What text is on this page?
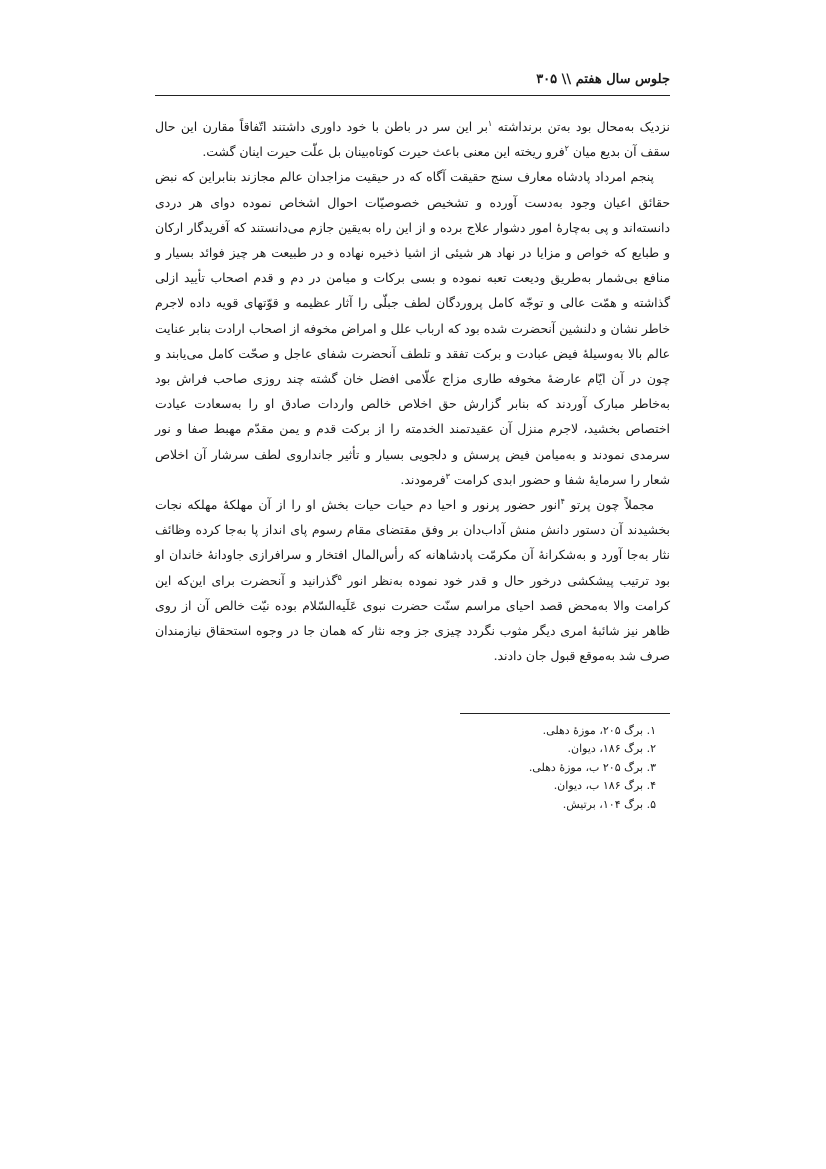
جلوس سال هفتم \\ ۳۰۵

نزدیک به‌محال بود به‌تن برنداشته $^۱$بر این سر در باطن با خود داوری داشتند اتّفاقاً مقارن این حال سقف آن بدیع میان $^۲$فرو ریخته این معنی باعث حیرت کوتاه‌بینان بل علّت حیرت اینان گشت.

پنجم امرداد پادشاه معارف سنج حقیقت آگاه که در حیقیت مزاجدان عالم مجازند بنابراین که نبض حقائق اعیان وجود به‌دست آورده و تشخیص خصوصیّات احوال اشخاص نموده دوای هر دردی دانسته‌اند و پی به‌چارهٔ امور دشوار علاج برده و از این راه به‌یقین جازم می‌دانستند که آفریدگار ارکان و طبایع که خواص و مزایا در نهاد هر شیئی از اشیا ذخیره نهاده و در طبیعت هر چیز فوائد بسیار و منافع بی‌شمار به‌طریق ودیعت تعبه نموده و بسی برکات و میامن در دم و قدم اصحاب تأیید ازلی گذاشته و همّت عالی و توجّه کامل پروردگان لطف جبلّی را آثار عظیمه و قوّتهای قویه داده لاجرم خاطر نشان و دلنشین آنحضرت شده بود که ارباب علل و امراض مخوفه از اصحاب ارادت بنابر عنایت عالم بالا به‌وسیلهٔ فیض عبادت و برکت تفقد و تلطف آنحضرت شفای عاجل و صحّت کامل می‌یابند و چون در آن ایّام عارضهٔ مخوفه طاری مزاج علّامی افضل خان گشته چند روزی صاحب فراش بود به‌خاطر مبارک آوردند که بنابر گزارش حق اخلاص خالص واردات صادق او را به‌سعادت عیادت اختصاص بخشید، لاجرم منزل آن عقیدتمند الخدمته را از برکت قدم و یمن مقدّم مهبط صفا و نور سرمدی نمودند و به‌میامن فیض پرسش و دلجویی بسیار و تأثیر جانداروی لطف سرشار آن اخلاص شعار را سرمایهٔ شفا و حضور ابدی کرامت $^۳$فرمودند.

مجملاً چون پرتو $^۴$انور حضور پرنور و احیا دم حیات حیات بخش او را از آن مهلکهٔ مهلکه نجات بخشیدند آن دستور دانش منش آداب‌دان بر وفق مقتضای مقام رسوم پای انداز پا به‌جا کرده وظائف نثار به‌جا آورد و به‌شکرانهٔ آن مکرمّت پادشاهانه که رأس‌المال افتخار و سرافرازی جاودانهٔ خاندان او بود ترتیب پیشکشی درخور حال و قدر خود نموده به‌نظر انور $^۵$گذرانید و آنحضرت برای این‌که این کرامت والا به‌محض قصد احیای مراسم سنّت حضرت نبوی عَلَیه‌السّلام بوده نیّت خالص آن از روی ظاهر نیز شائبهٔ امری دیگر مثوب نگردد چیزی جز وجه نثار که همان جا در وجوه استحقاق نیازمندان صرف شد به‌موقع قبول جان دادند.

۱. برگ ۲۰۵، موزهٔ دهلی.
۲. برگ ۱۸۶، دیوان.
۳. برگ ۲۰۵ ب، موزهٔ دهلی.
۴. برگ ۱۸۶ ب، دیوان.
۵. برگ ۱۰۴، برتیش.
